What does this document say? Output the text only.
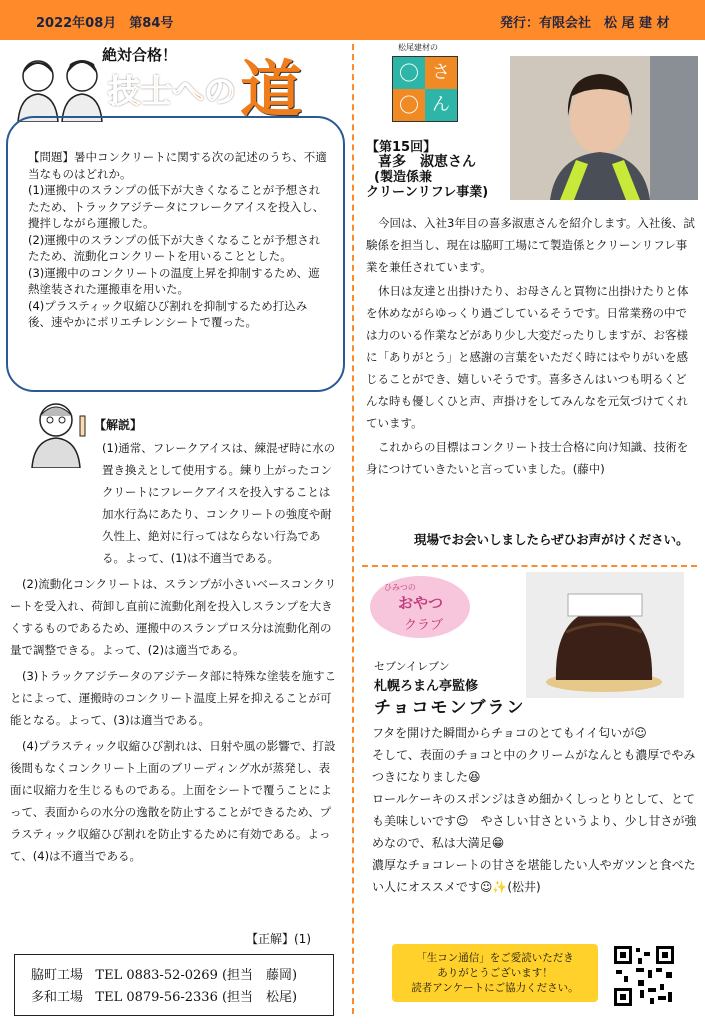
2022年08月　第84号	発行：有限会社　松 尾 建 材
絶対合格！
技士への 道

【問題】暑中コンクリートに関する次の記述のうち、不適当なものはどれか。

(1)運搬中のスランプの低下が大きくなることが予想されたため、トラックアジテータにフレークアイスを投入し、攪拌しながら運搬した。

(2)運搬中のスランプの低下が大きくなることが予想されたため、流動化コンクリートを用いることとした。

(3)運搬中のコンクリートの温度上昇を抑制するため、遮熱塗装された運搬車を用いた。

(4)プラスティック収縮ひび割れを抑制するため打込み後、速やかにポリエチレンシートで覆った。

【解説】

(1)通常、フレークアイスは、練混ぜ時に水の置き換えとして使用する。練り上がったコンクリートにフレークアイスを投入することは加水行為にあたり、コンクリートの強度や耐久性上、絶対に行ってはならない行為である。よって、(1)は不適当である。

(2)流動化コンクリートは、スランプが小さいベースコンクリートを受入れ、荷卸し直前に流動化剤を投入しスランプを大きくするものであるため、運搬中のスランプロス分は流動化剤の量で調整できる。よって、(2)は適当である。

(3)トラックアジテータのアジテータ部に特殊な塗装を施すことによって、運搬時のコンクリート温度上昇を抑えることが可能となる。よって、(3)は適当である。

(4)プラスティック収縮ひび割れは、日射や風の影響で、打設後間もなくコンクリート上面のブリーディング水が蒸発し、表面に収縮力を生じるものである。上面をシートで覆うことによって、表面からの水分の逸散を防止することができるため、プラスティック収縮ひび割れを防止するために有効である。よって、(4)は不適当である。

【正解】(1)
脇町工場 TEL 0883-52-0269 (担当　藤岡)
多和工場 TEL 0879-56-2336 (担当　松尾)
松尾建材の
〇 さ
〇 ん
【第15回】
喜多　淑恵さん
(製造係兼
クリーンリフレ事業)

今回は、入社3年目の喜多淑恵さんを紹介します。入社後、試験係を担当し、現在は脇町工場にて製造係とクリーンリフレ事業を兼任されています。

休日は友達と出掛けたり、お母さんと買物に出掛けたりと体を休めながらゆっくり過ごしているそうです。日常業務の中では力のいる作業などがあり少し大変だったりしますが、お客様に「ありがとう」と感謝の言葉をいただく時にはやりがいを感じることができ、嬉しいそうです。喜多さんはいつも明るくどんな時も優しくひと声、声掛けをしてみんなを元気づけてくれています。

これからの目標はコンクリート技士合格に向け知識、技術を身につけていきたいと言っていました。(藤中)

現場でお会いしましたらぜひお声がけください。
ひみつの
おやつ
クラブ
セブンイレブン
札幌ろまん亭監修
チョコモンブラン

フタを開けた瞬間からチョコのとてもイイ匂いが☺

そして、表面のチョコと中のクリームがなんとも濃厚でやみつきになりました😆

ロールケーキのスポンジはきめ細かくしっとりとして、とても美味しいです☺　やさしい甘さというより、少し甘さが強めなので、私は大満足😁

濃厚なチョコレートの甘さを堪能したい人やガツンと食べたい人にオススメです☺✨(松井)

「生コン通信」をご愛読いただき
ありがとうございます！
読者アンケートにご協力ください。
